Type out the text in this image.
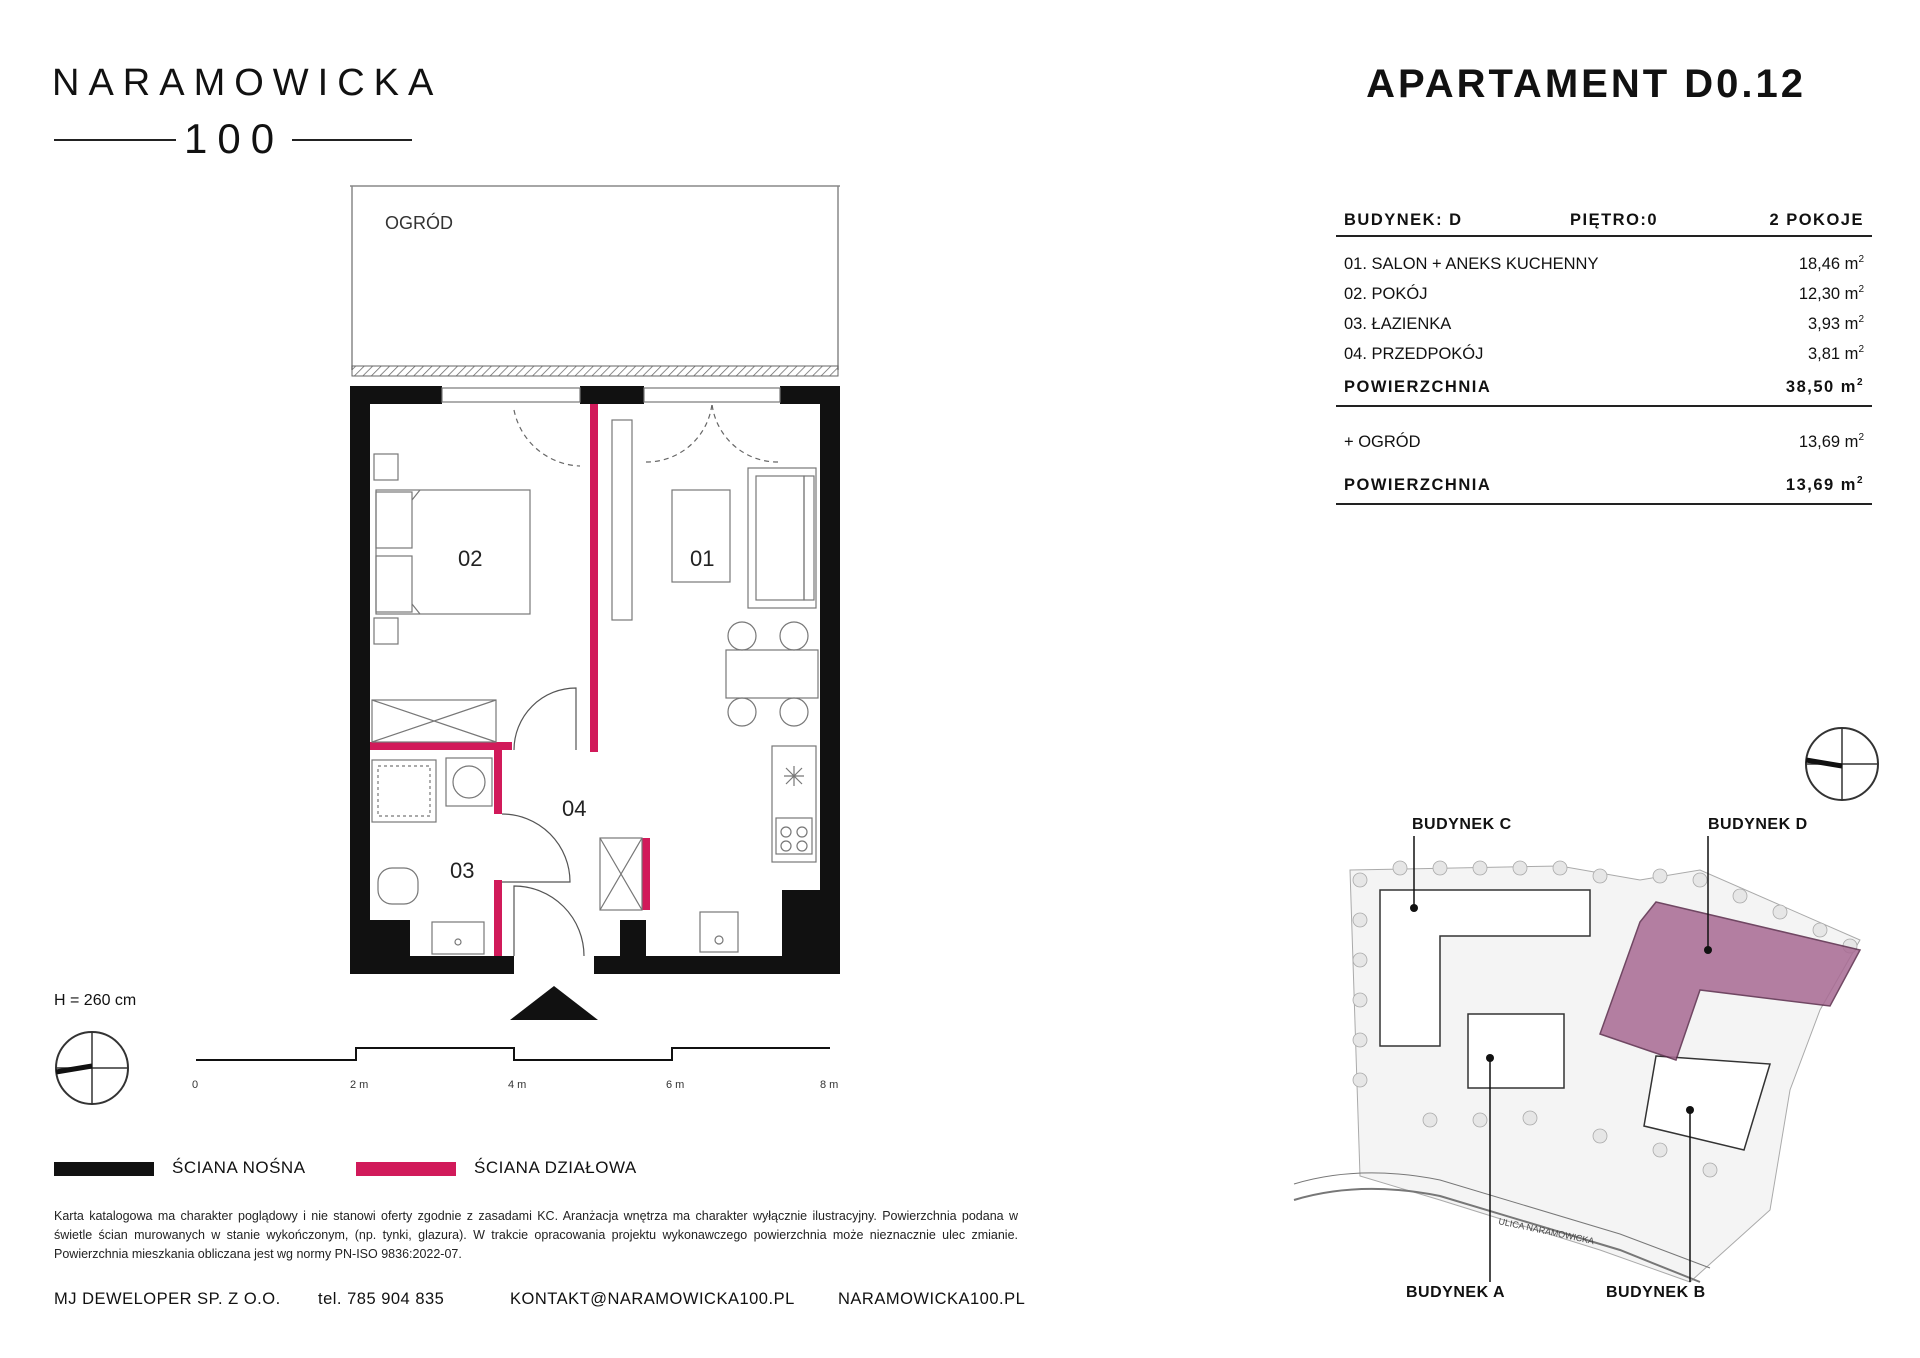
NARAMOWICKA
100
APARTAMENT D0.12
BUDYNEK: D	PIĘTRO:0	2 POKOJE
01. SALON + ANEKS KUCHENNY	18,46 $m^2$
02. POKÓJ	12,30 $m^2$
03. ŁAZIENKA	3,93 $m^2$
04. PRZEDPOKÓJ	3,81 $m^2$
POWIERZCHNIA	38,50 $m^2$
+ OGRÓD	13,69 $m^2$
POWIERZCHNIA	13,69 $m^2$
OGRÓD
02	01
03
04
0	2 m	4 m	6 m	8 m
ULICA NARAMOWICKA
BUDYNEK C	BUDYNEK D
BUDYNEK A	BUDYNEK B
H = 260 cm
ŚCIANA NOŚNA	ŚCIANA DZIAŁOWA
Karta katalogowa ma charakter poglądowy i nie stanowi oferty zgodnie z zasadami KC. Aranżacja wnętrza ma charakter wyłącznie ilustracyjny. Powierzchnia podana w świetle ścian murowanych w stanie wykończonym, (np. tynki, glazura). W trakcie opracowania projektu wykonawczego powierzchnia może nieznacznie ulec zmianie. Powierzchnia mieszkania obliczana jest wg normy PN-ISO 9836:2022-07.
MJ DEWELOPER SP. Z O.O. tel. 785 904 835	KONTAKT@NARAMOWICKA100.PL	NARAMOWICKA100.PL
